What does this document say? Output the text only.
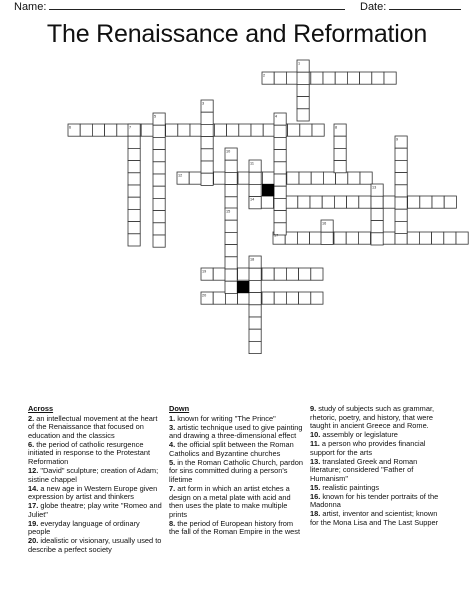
Name:	Date:
The Renaissance and Reformation
1
2
3
4
5
6	7	8
9
10
11
12
13
14
15
16
17
18
19
20
Across
2. an intellectual movement at the heart of the Renaissance that focused on education and the classics
6. the period of catholic resurgence initiated in response to the Protestant Reformation
12. "David" sculpture; creation of Adam; sistine chappel
14. a new age in Western Europe given expression by artist and thinkers
17. globe theatre; play write "Romeo and Juliet"
19. everyday language of ordinary people
20. idealistic or visionary, usually used to describe a perfect society
Down
1. known for writing "The Prince"
3. artistic technique used to give painting and drawing a three-dimensional effect
4. the official split between the Roman Catholics and Byzantine churches
5. in the Roman Catholic Church, pardon for sins committed during a person's lifetime
7. art form in which an artist etches a design on a metal plate with acid and then uses the plate to make multiple prints
8. the period of European history from the fall of the Roman Empire in the west
9. study of subjects such as grammar, rhetoric, poetry, and history, that were taught in ancient Greece and Rome.
10. assembly or legislature
11. a person who provides financial support for the arts
13. translated Greek and Roman literature; considered "Father of Humanism"
15. realistic paintings
16. known for his tender portraits of the Madonna
18. artist, inventor and scientist; known for the Mona Lisa and The Last Supper
